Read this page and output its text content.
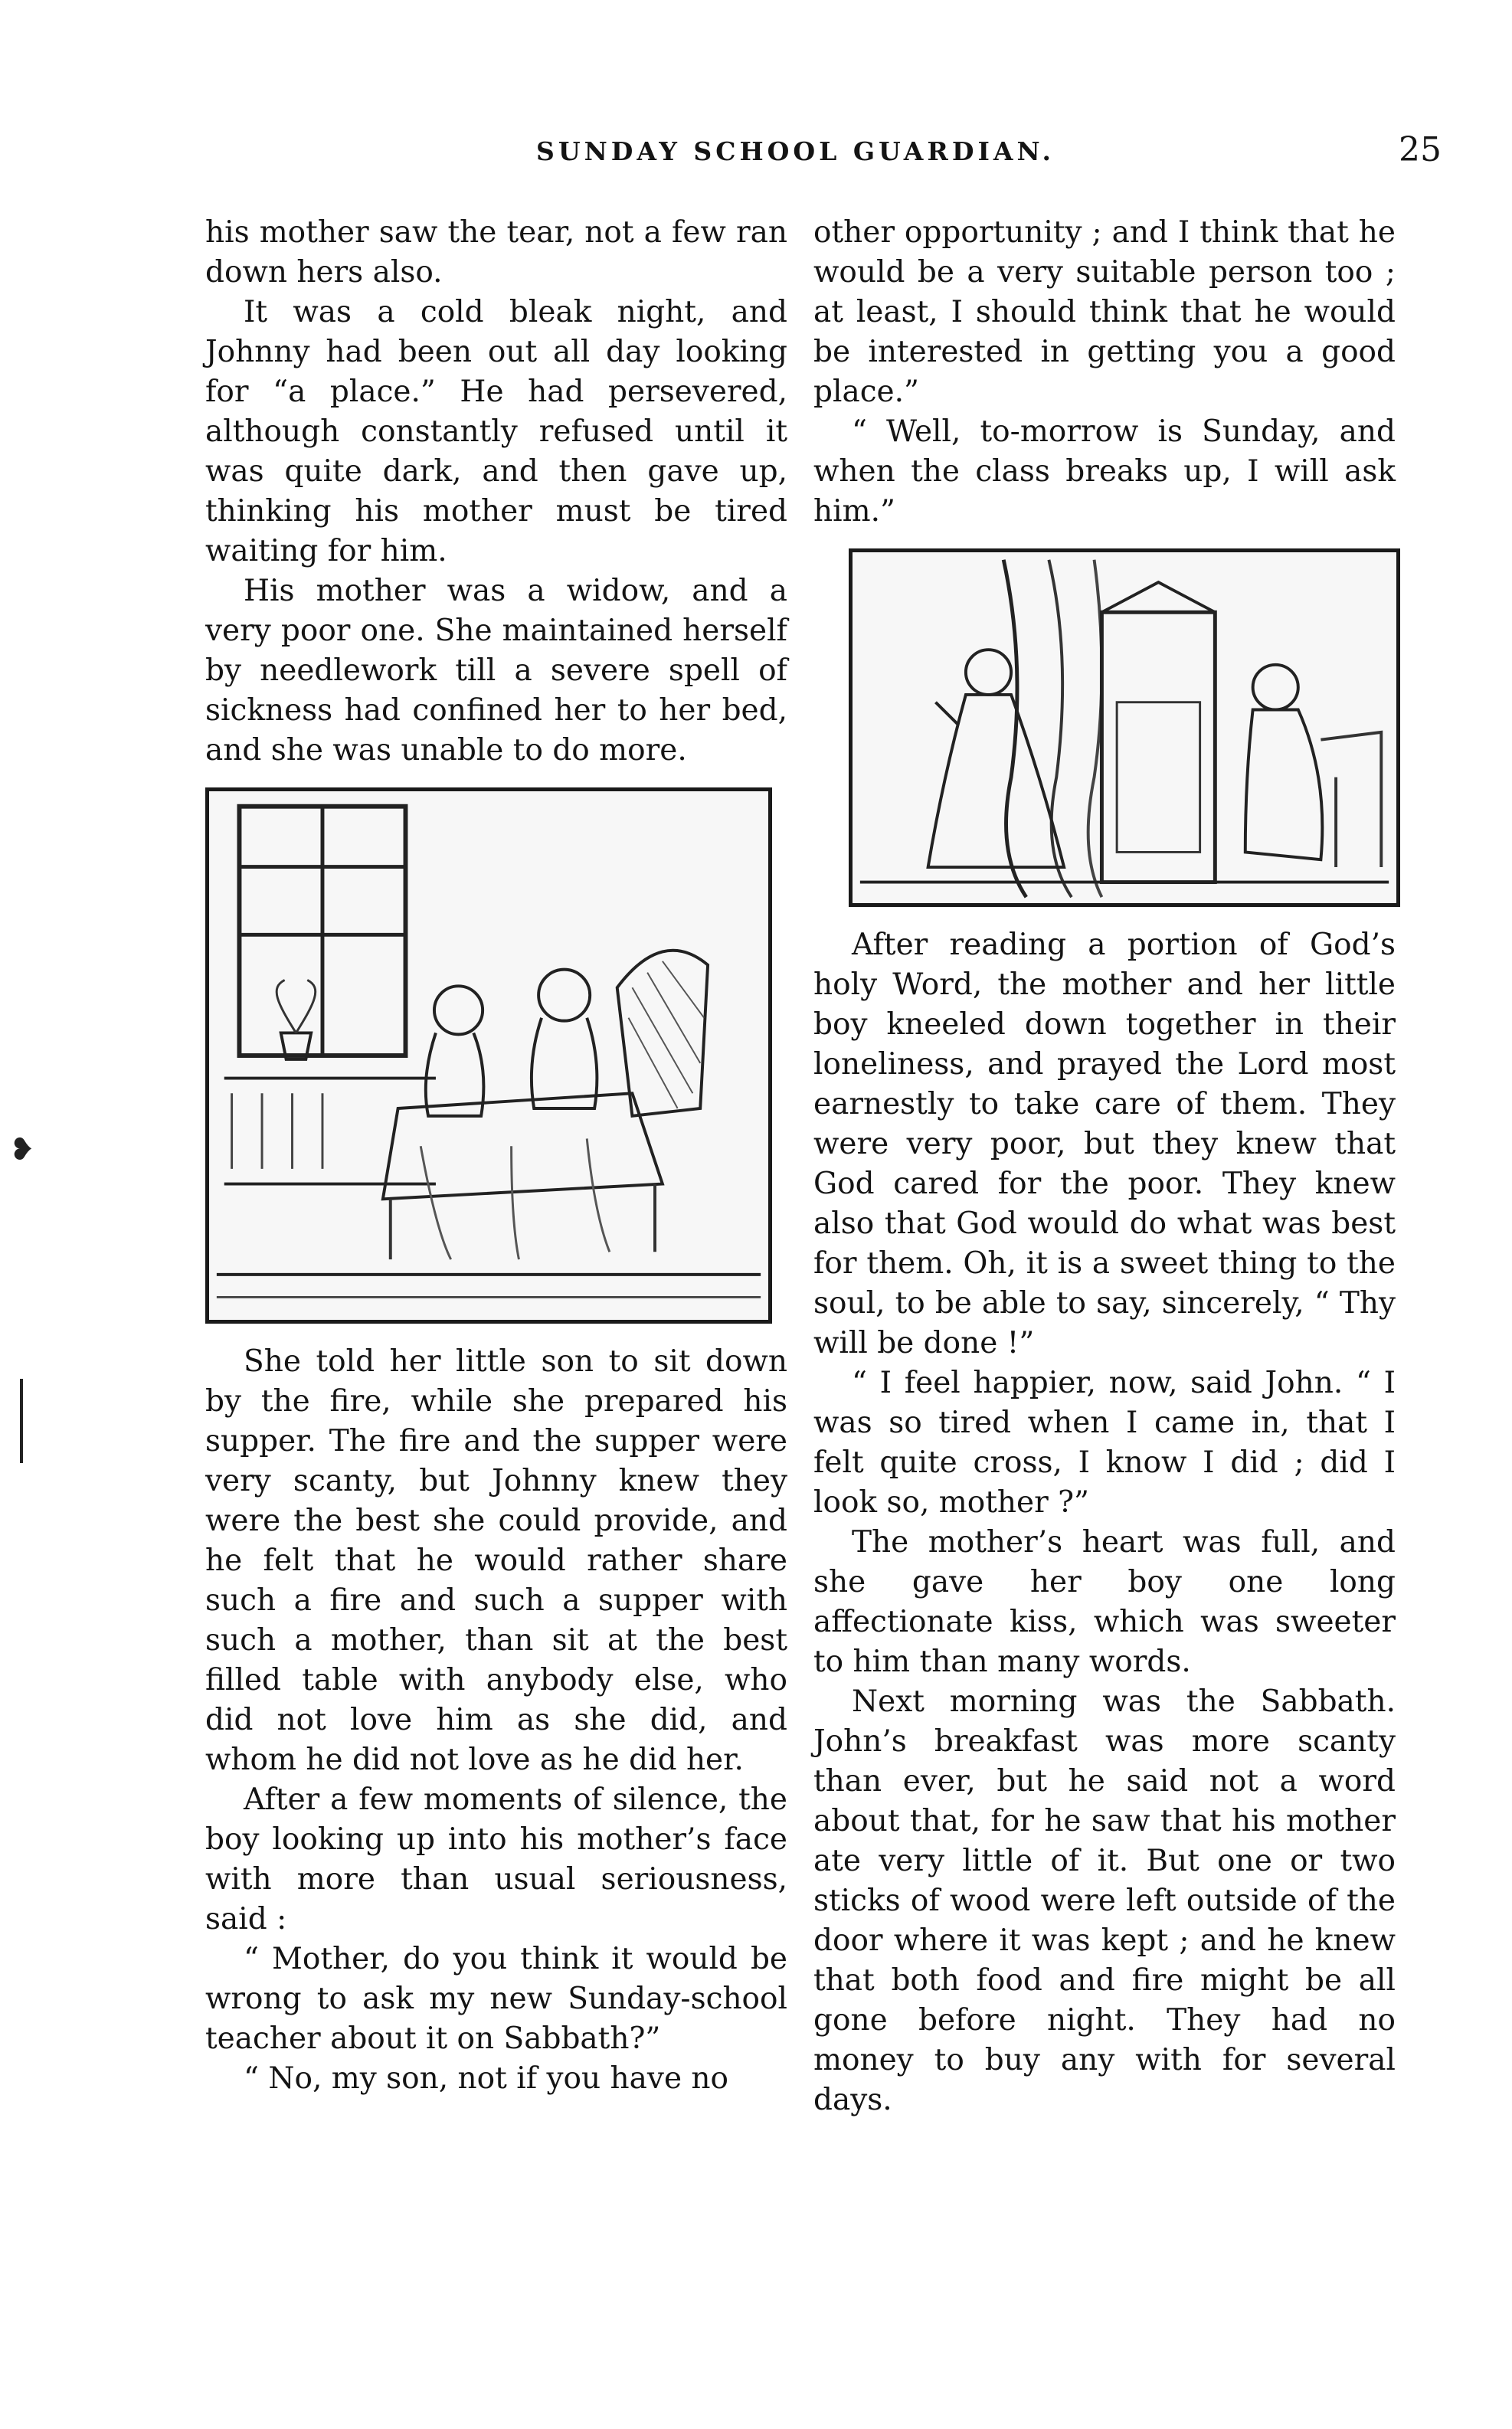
SUNDAY SCHOOL GUARDIAN.	25
❥

his mother saw the tear, not a few ran down hers also.

It was a cold bleak night, and Johnny had been out all day looking for “a place.” He had persevered, although constantly refused until it was quite dark, and then gave up, thinking his mother must be tired waiting for him.

His mother was a widow, and a very poor one. She maintained herself by needlework till a severe spell of sickness had confined her to her bed, and she was unable to do more.

She told her little son to sit down by the fire, while she prepared his supper. The fire and the supper were very scanty, but Johnny knew they were the best she could provide, and he felt that he would rather share such a fire and such a supper with such a mother, than sit at the best filled table with anybody else, who did not love him as she did, and whom he did not love as he did her.

After a few moments of silence, the boy looking up into his mother’s face with more than usual seriousness, said :

“ Mother, do you think it would be wrong to ask my new Sunday-school teacher about it on Sabbath?”

“ No, my son, not if you have no

other opportunity ; and I think that he would be a very suitable person too ; at least, I should think that he would be interested in getting you a good place.”

“ Well, to-morrow is Sunday, and when the class breaks up, I will ask him.”

After reading a portion of God’s holy Word, the mother and her little boy kneeled down together in their loneliness, and prayed the Lord most earnestly to take care of them. They were very poor, but they knew that God cared for the poor. They knew also that God would do what was best for them. Oh, it is a sweet thing to the soul, to be able to say, sincerely, “ Thy will be done !”

“ I feel happier, now, said John. “ I was so tired when I came in, that I felt quite cross, I know I did ; did I look so, mother ?”

The mother’s heart was full, and she gave her boy one long affectionate kiss, which was sweeter to him than many words.

Next morning was the Sabbath. John’s breakfast was more scanty than ever, but he said not a word about that, for he saw that his mother ate very little of it. But one or two sticks of wood were left outside of the door where it was kept ; and he knew that both food and fire might be all gone before night. They had no money to buy any with for several days.
